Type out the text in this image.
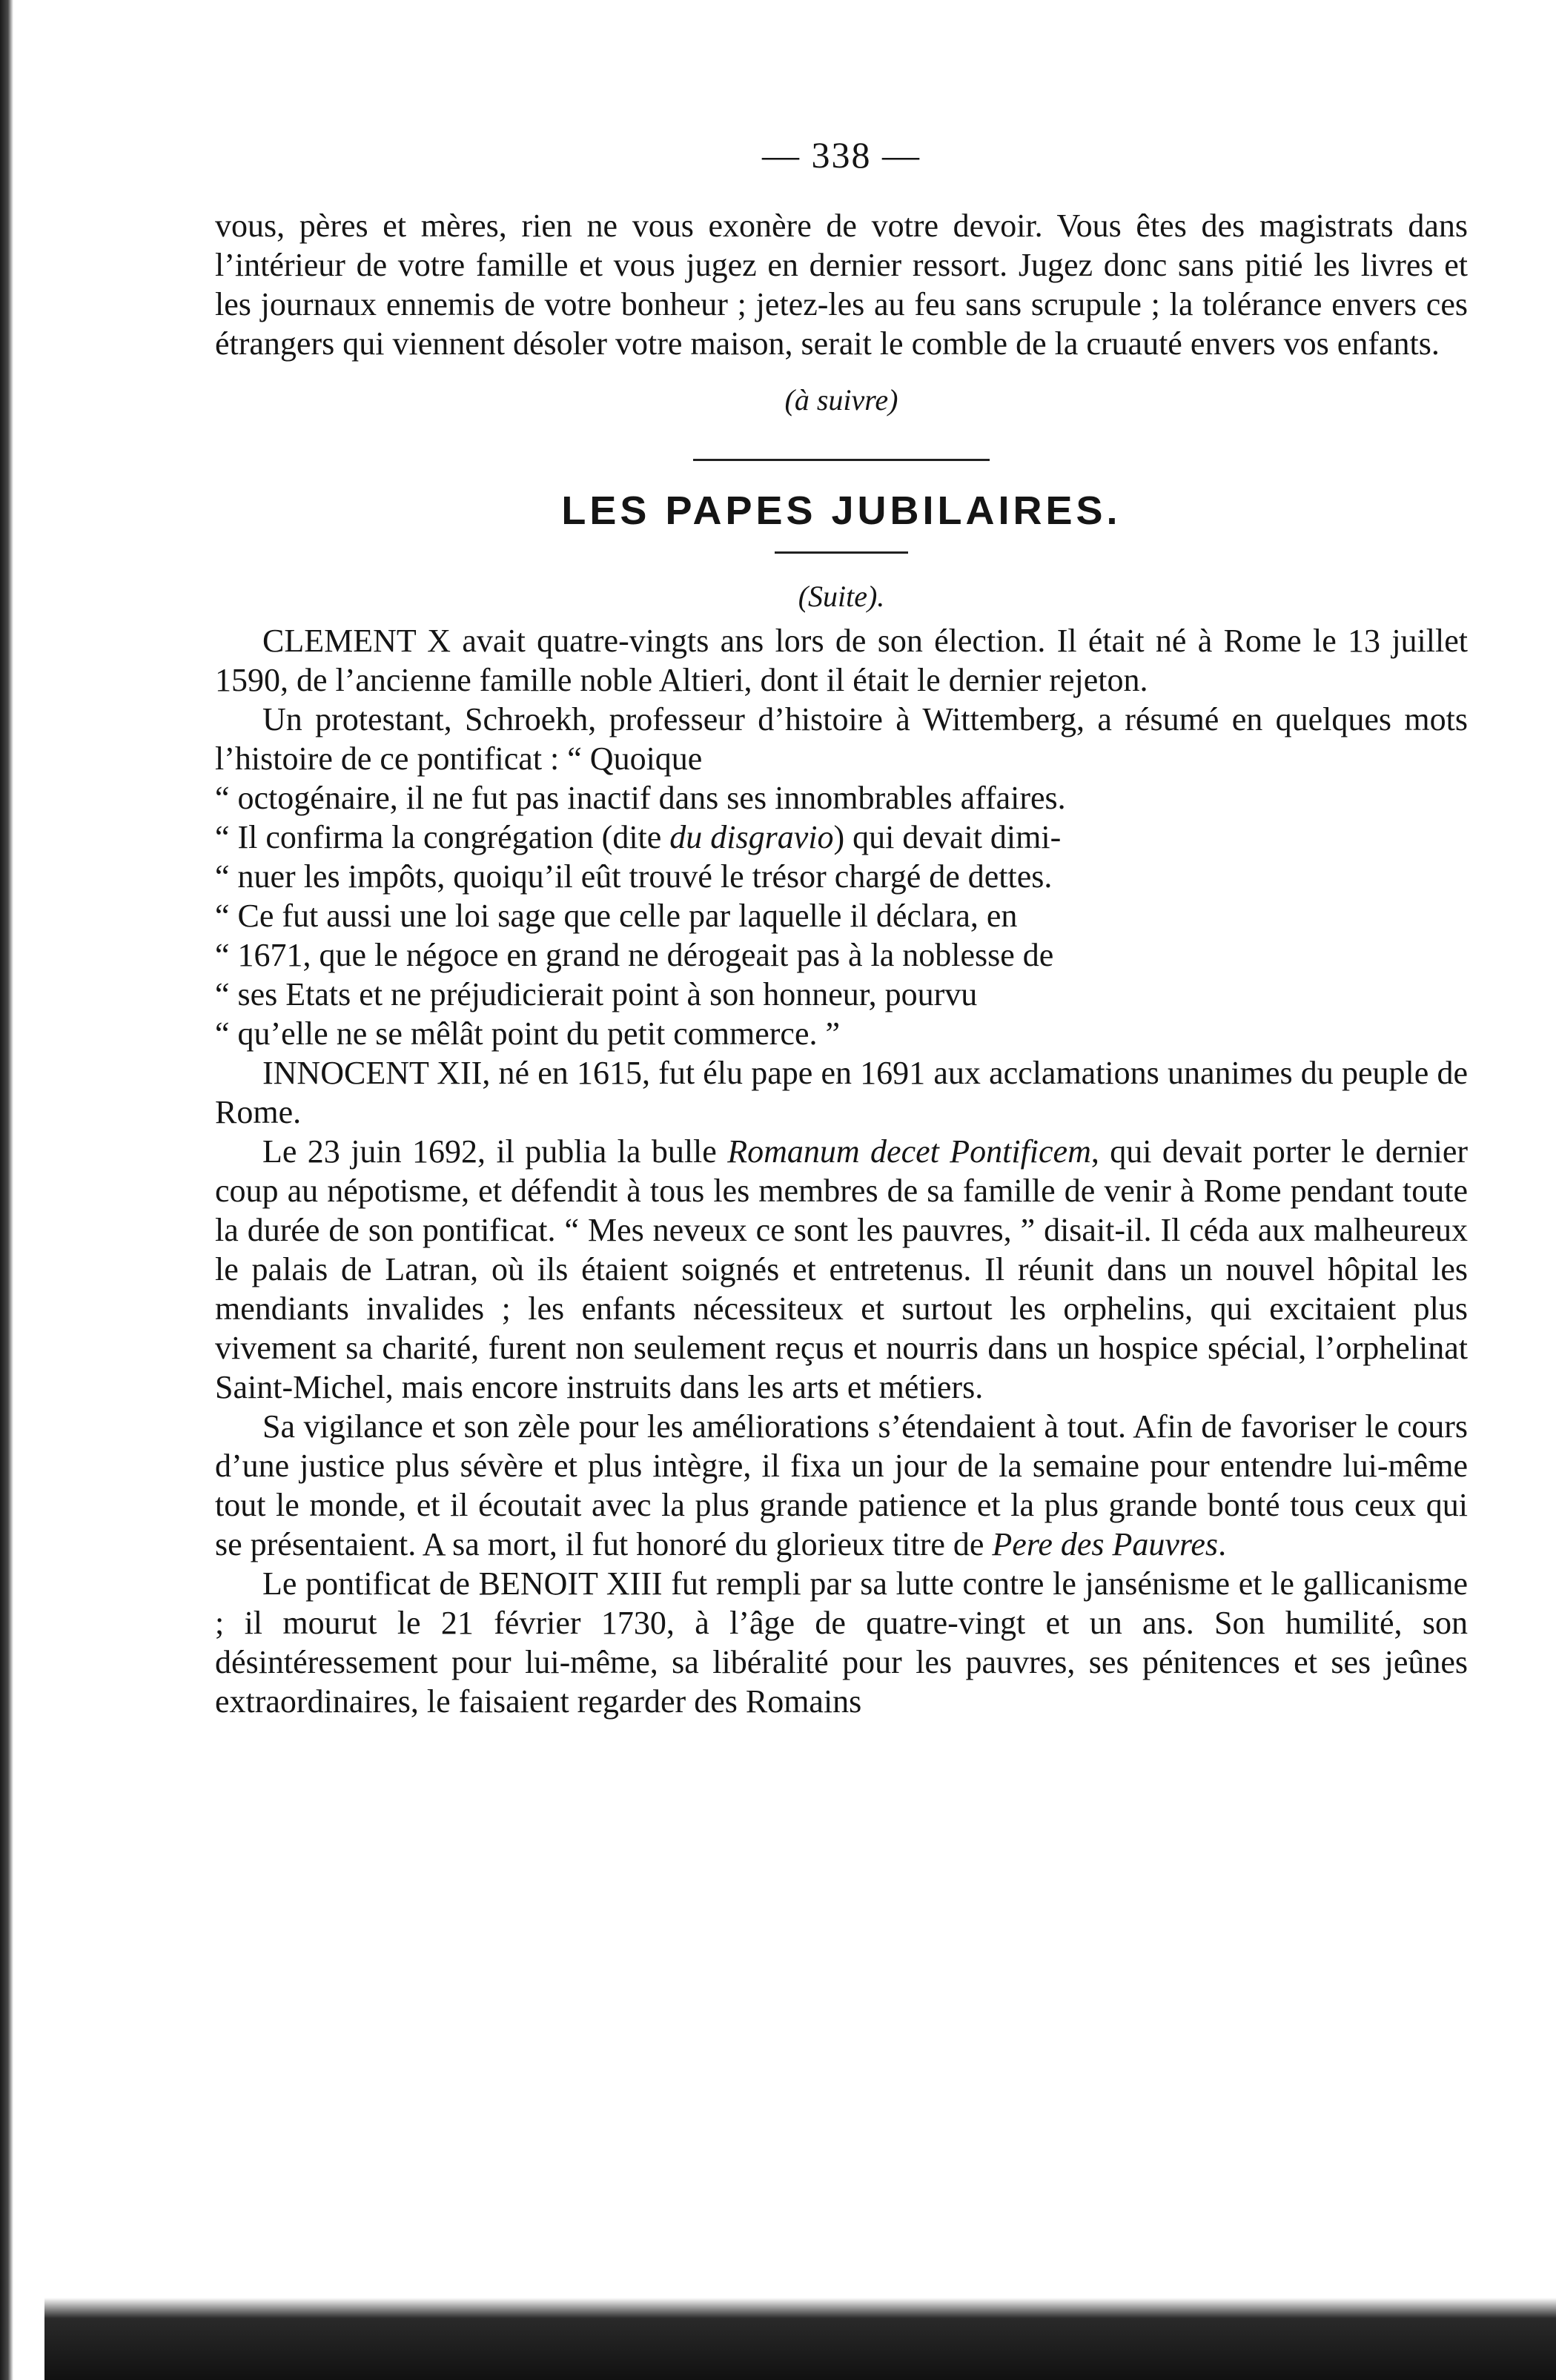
— 338 —

vous, pères et mères, rien ne vous exonère de votre devoir. Vous êtes des magistrats dans l’intérieur de votre famille et vous jugez en dernier ressort. Jugez donc sans pitié les livres et les journaux ennemis de votre bonheur ; jetez-les au feu sans scrupule ; la tolérance envers ces étrangers qui viennent désoler votre maison, serait le comble de la cruauté envers vos enfants.

(à suivre)
LES PAPES JUBILAIRES.
(Suite).

CLEMENT X avait quatre-vingts ans lors de son élection. Il était né à Rome le 13 juillet 1590, de l’ancienne famille noble Altieri, dont il était le dernier rejeton.

Un protestant, Schroekh, professeur d’histoire à Wittemberg, a résumé en quelques mots l’histoire de ce pontificat : “ Quoique

“ octogénaire, il ne fut pas inactif dans ses innombrables affaires.

“ Il confirma la congrégation (dite du disgravio) qui devait dimi-

“ nuer les impôts, quoiqu’il eût trouvé le trésor chargé de dettes.

“ Ce fut aussi une loi sage que celle par laquelle il déclara, en

“ 1671, que le négoce en grand ne dérogeait pas à la noblesse de

“ ses Etats et ne préjudicierait point à son honneur, pourvu

“ qu’elle ne se mêlât point du petit commerce. ”

INNOCENT XII, né en 1615, fut élu pape en 1691 aux acclamations unanimes du peuple de Rome.

Le 23 juin 1692, il publia la bulle Romanum decet Pontificem, qui devait porter le dernier coup au népotisme, et défendit à tous les membres de sa famille de venir à Rome pendant toute la durée de son pontificat. “ Mes neveux ce sont les pauvres, ” disait-il. Il céda aux malheureux le palais de Latran, où ils étaient soignés et entretenus. Il réunit dans un nouvel hôpital les mendiants invalides ; les enfants nécessiteux et surtout les orphelins, qui excitaient plus vivement sa charité, furent non seulement reçus et nourris dans un hospice spécial, l’orphelinat Saint-Michel, mais encore instruits dans les arts et métiers.

Sa vigilance et son zèle pour les améliorations s’étendaient à tout. Afin de favoriser le cours d’une justice plus sévère et plus intègre, il fixa un jour de la semaine pour entendre lui-même tout le monde, et il écoutait avec la plus grande patience et la plus grande bonté tous ceux qui se présentaient. A sa mort, il fut honoré du glorieux titre de Pere des Pauvres.

Le pontificat de BENOIT XIII fut rempli par sa lutte contre le jansénisme et le gallicanisme ; il mourut le 21 février 1730, à l’âge de quatre-vingt et un ans. Son humilité, son désintéressement pour lui-même, sa libéralité pour les pauvres, ses pénitences et ses jeûnes extraordinaires, le faisaient regarder des Romains
